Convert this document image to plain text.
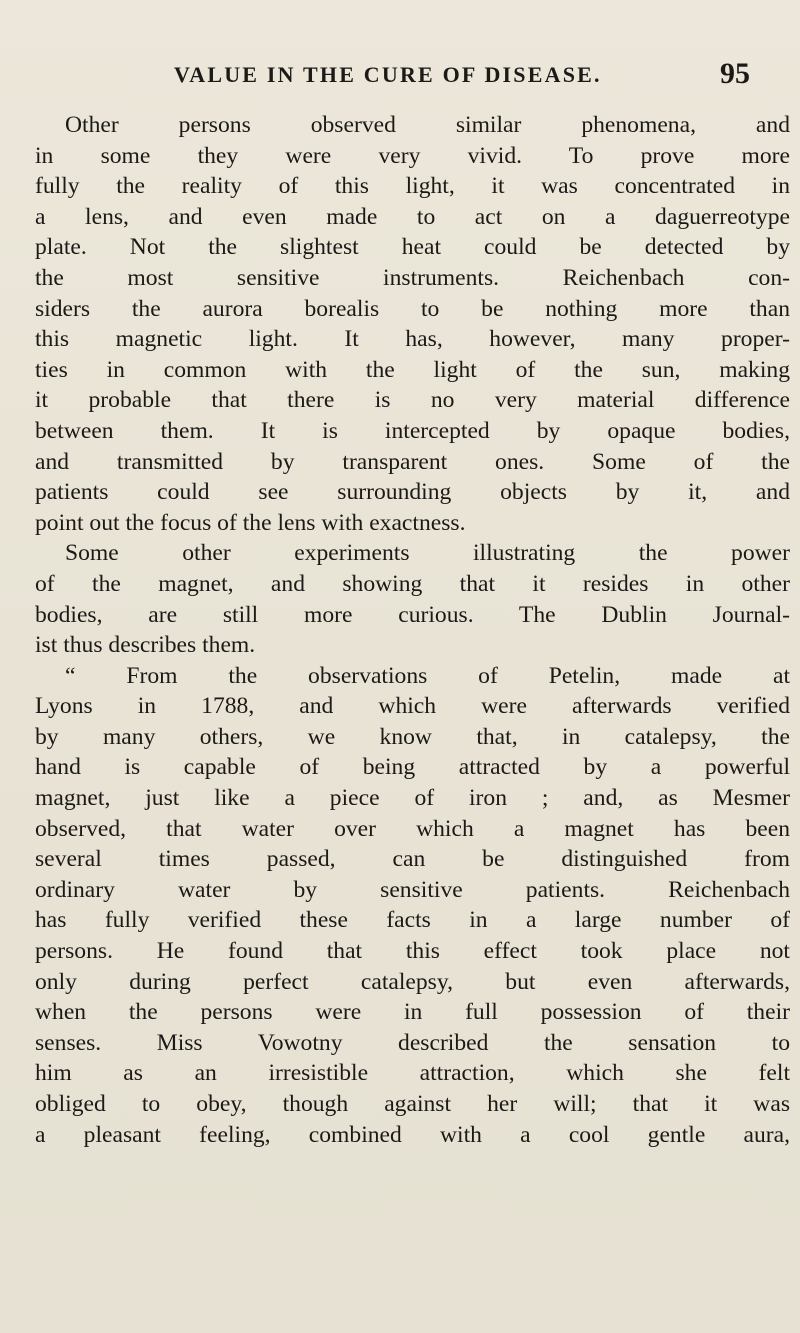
VALUE IN THE CURE OF DISEASE.	95
Other persons observed similar phenomena, and
in some they were very vivid. To prove more
fully the reality of this light, it was concentrated in
a lens, and even made to act on a daguerreotype
plate. Not the slightest heat could be detected by
the most sensitive instruments. Reichenbach con-
siders the aurora borealis to be nothing more than
this magnetic light. It has, however, many proper-
ties in common with the light of the sun, making
it probable that there is no very material difference
between them. It is intercepted by opaque bodies,
and transmitted by transparent ones. Some of the
patients could see surrounding objects by it, and
point out the focus of the lens with exactness.
Some other experiments illustrating the power
of the magnet, and showing that it resides in other
bodies, are still more curious. The Dublin Journal-
ist thus describes them.
“ From the observations of Petelin, made at
Lyons in 1788, and which were afterwards verified
by many others, we know that, in catalepsy, the
hand is capable of being attracted by a powerful
magnet, just like a piece of iron ; and, as Mesmer
observed, that water over which a magnet has been
several times passed, can be distinguished from
ordinary water by sensitive patients. Reichenbach
has fully verified these facts in a large number of
persons. He found that this effect took place not
only during perfect catalepsy, but even afterwards,
when the persons were in full possession of their
senses. Miss Vowotny described the sensation to
him as an irresistible attraction, which she felt
obliged to obey, though against her will; that it was
a pleasant feeling, combined with a cool gentle aura,
